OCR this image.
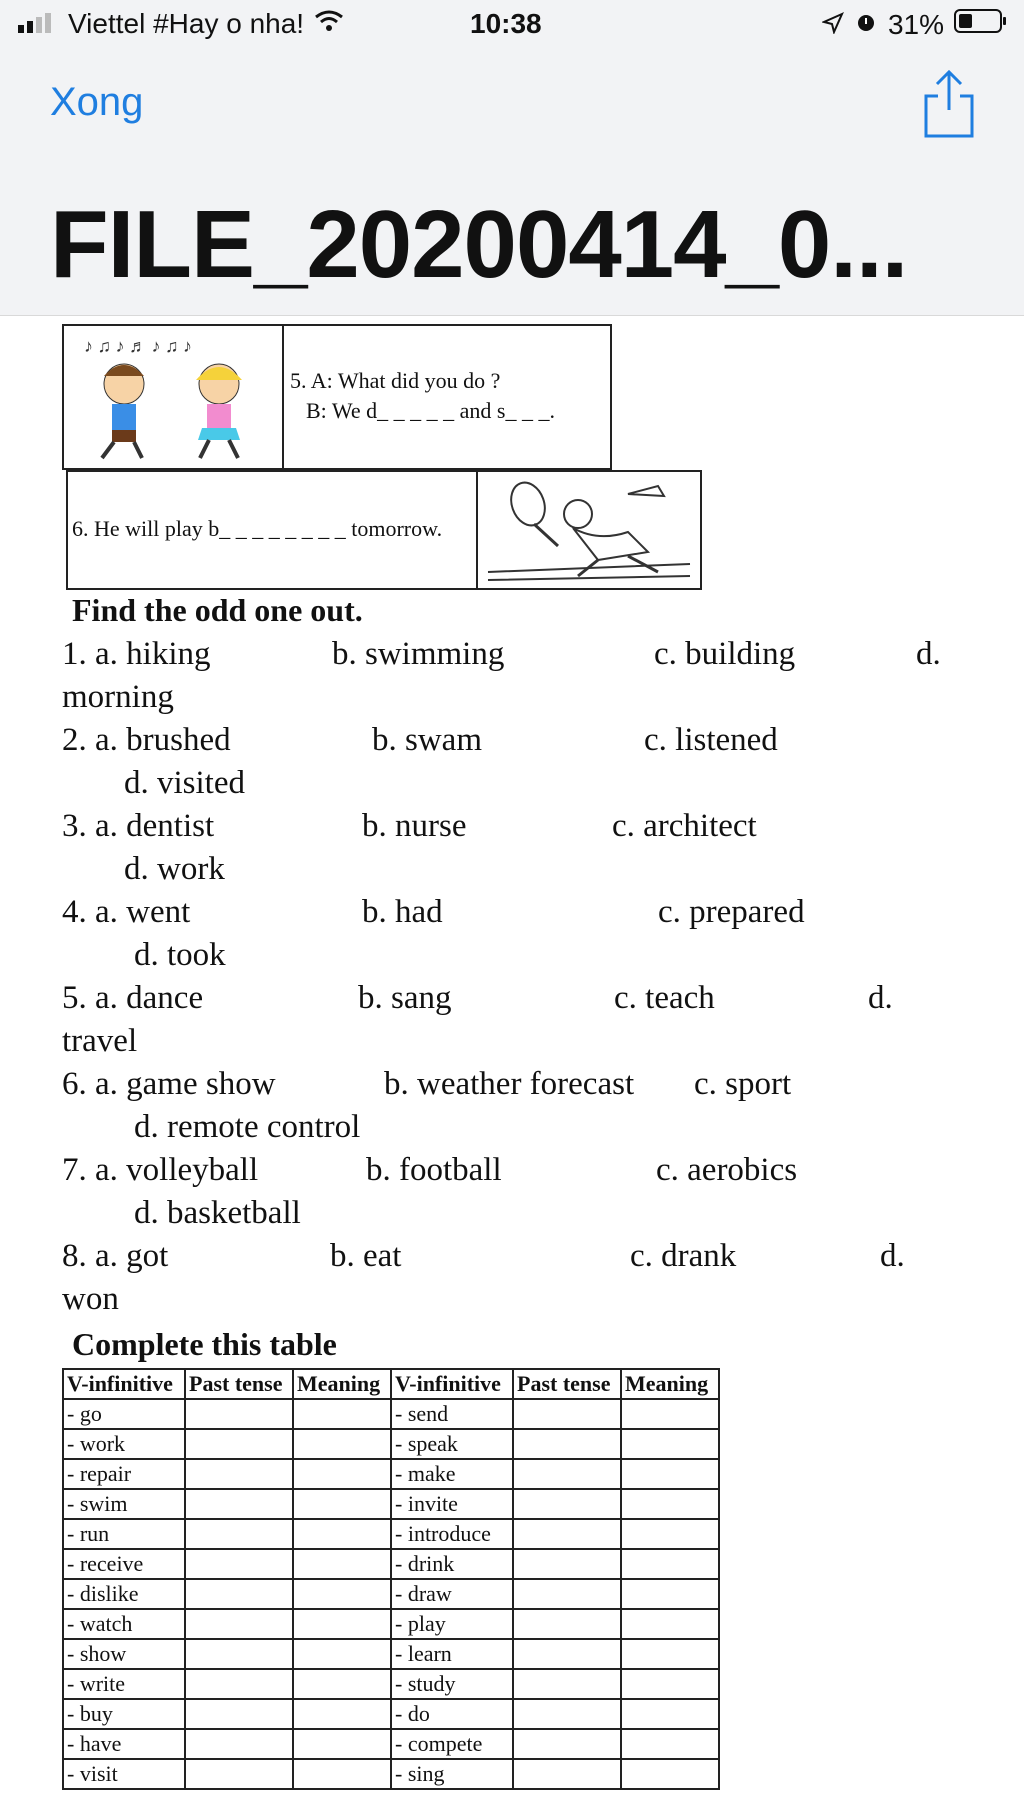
Viettel #Hay o nha!	10:38	31%
Xong
FILE_20200414_0...
♪ ♫ ♪ ♬ ♪ ♫ ♪
5. A: What did you do ?
B: We d_ _ _ _ _ and s_ _ _.
6. He will play b_ _ _ _ _ _ _ _ tomorrow.
Find the odd one out.
1. a. hiking	b. swimming	c. building	d.
morning
2. a. brushed	b. swam	c. listened
d. visited
3. a. dentist	b. nurse	c. architect
d. work
4. a. went	b. had	c. prepared
d. took
5. a. dance	b. sang	c. teach	d.
travel
6. a. game show	b. weather forecast c. sport
d. remote control
7. a. volleyball	b. football	c. aerobics
d. basketball
8. a. got	b. eat	c. drank	d.
won
Complete this table
V-infinitive	Past tense	Meaning	V-infinitive	Past tense	Meaning
- go			- send		
- work			- speak		
- repair			- make		
- swim			- invite		
- run			- introduce		
- receive			- drink		
- dislike			- draw		
- watch			- play		
- show			- learn		
- write			- study		
- buy			- do		
- have			- compete		
- visit			- sing		
